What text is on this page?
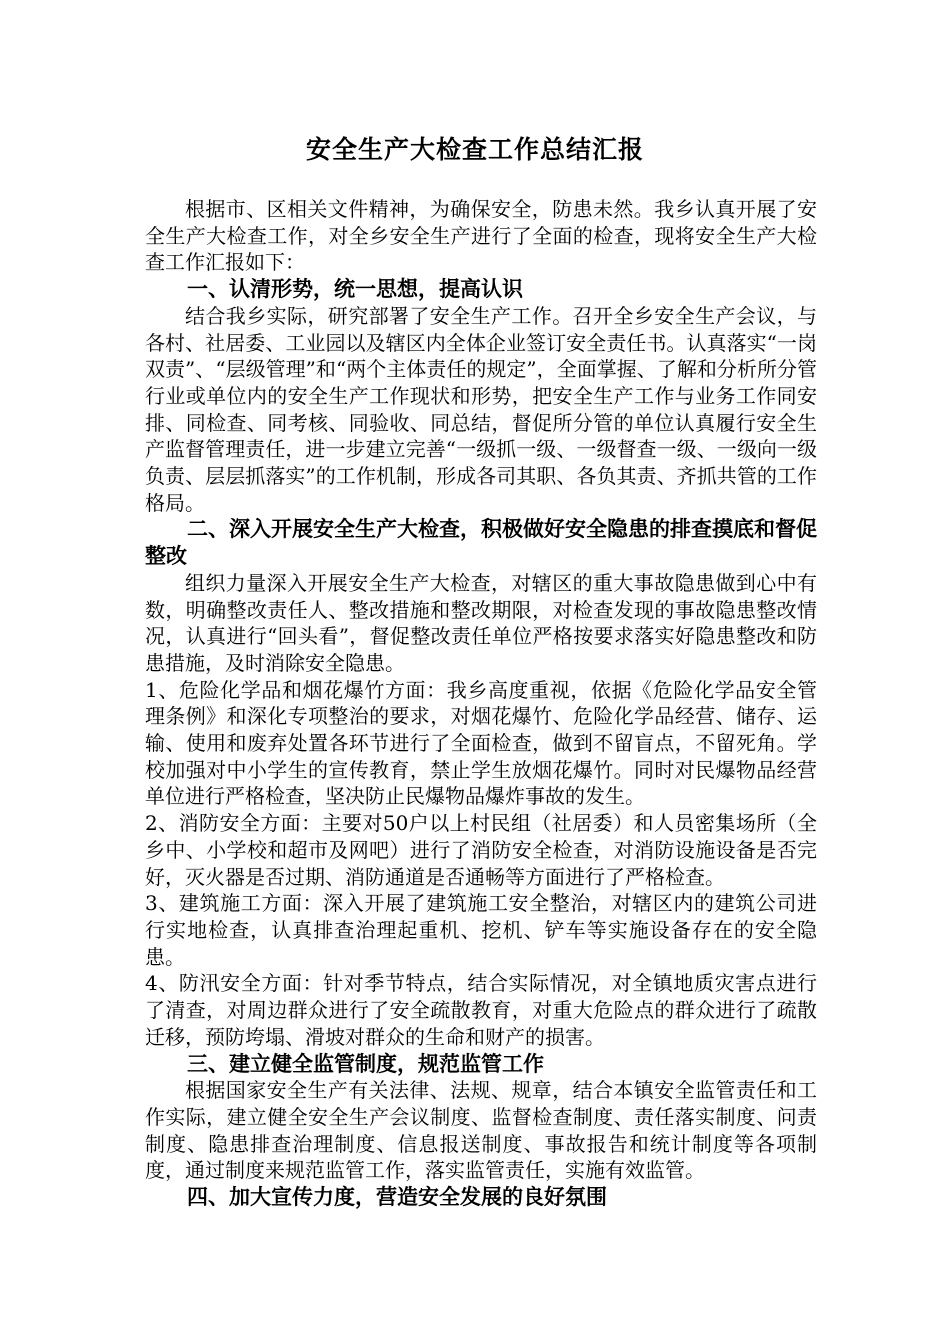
安全生产大检查工作总结汇报

根据市、区相关文件精神，为确保安全，防患未然。我乡认真开展了安全生产大检查工作，对全乡安全生产进行了全面的检查，现将安全生产大检查工作汇报如下：

一、认清形势，统一思想，提高认识

结合我乡实际，研究部署了安全生产工作。召开全乡安全生产会议，与各村、社居委、工业园以及辖区内全体企业签订安全责任书。认真落实“一岗双责”、“层级管理”和“两个主体责任的规定”，全面掌握、了解和分析所分管行业或单位内的安全生产工作现状和形势，把安全生产工作与业务工作同安排、同检查、同考核、同验收、同总结，督促所分管的单位认真履行安全生产监督管理责任，进一步建立完善“一级抓一级、一级督查一级、一级向一级负责、层层抓落实”的工作机制，形成各司其职、各负其责、齐抓共管的工作格局。

二、深入开展安全生产大检查，积极做好安全隐患的排查摸底和督促整改

组织力量深入开展安全生产大检查，对辖区的重大事故隐患做到心中有数，明确整改责任人、整改措施和整改期限，对检查发现的事故隐患整改情况，认真进行“回头看”，督促整改责任单位严格按要求落实好隐患整改和防患措施，及时消除安全隐患。

1、危险化学品和烟花爆竹方面：我乡高度重视，依据《危险化学品安全管理条例》和深化专项整治的要求，对烟花爆竹、危险化学品经营、储存、运输、使用和废弃处置各环节进行了全面检查，做到不留盲点，不留死角。学校加强对中小学生的宣传教育，禁止学生放烟花爆竹。同时对民爆物品经营单位进行严格检查，坚决防止民爆物品爆炸事故的发生。

2、消防安全方面：主要对50户以上村民组（社居委）和人员密集场所（全乡中、小学校和超市及网吧）进行了消防安全检查，对消防设施设备是否完好，灭火器是否过期、消防通道是否通畅等方面进行了严格检查。

3、建筑施工方面：深入开展了建筑施工安全整治，对辖区内的建筑公司进行实地检查，认真排查治理起重机、挖机、铲车等实施设备存在的安全隐患。

4、防汛安全方面：针对季节特点，结合实际情况，对全镇地质灾害点进行了清查，对周边群众进行了安全疏散教育，对重大危险点的群众进行了疏散迁移，预防垮塌、滑坡对群众的生命和财产的损害。

三、建立健全监管制度，规范监管工作

根据国家安全生产有关法律、法规、规章，结合本镇安全监管责任和工作实际，建立健全安全生产会议制度、监督检查制度、责任落实制度、问责制度、隐患排查治理制度、信息报送制度、事故报告和统计制度等各项制度，通过制度来规范监管工作，落实监管责任，实施有效监管。

四、加大宣传力度，营造安全发展的良好氛围
